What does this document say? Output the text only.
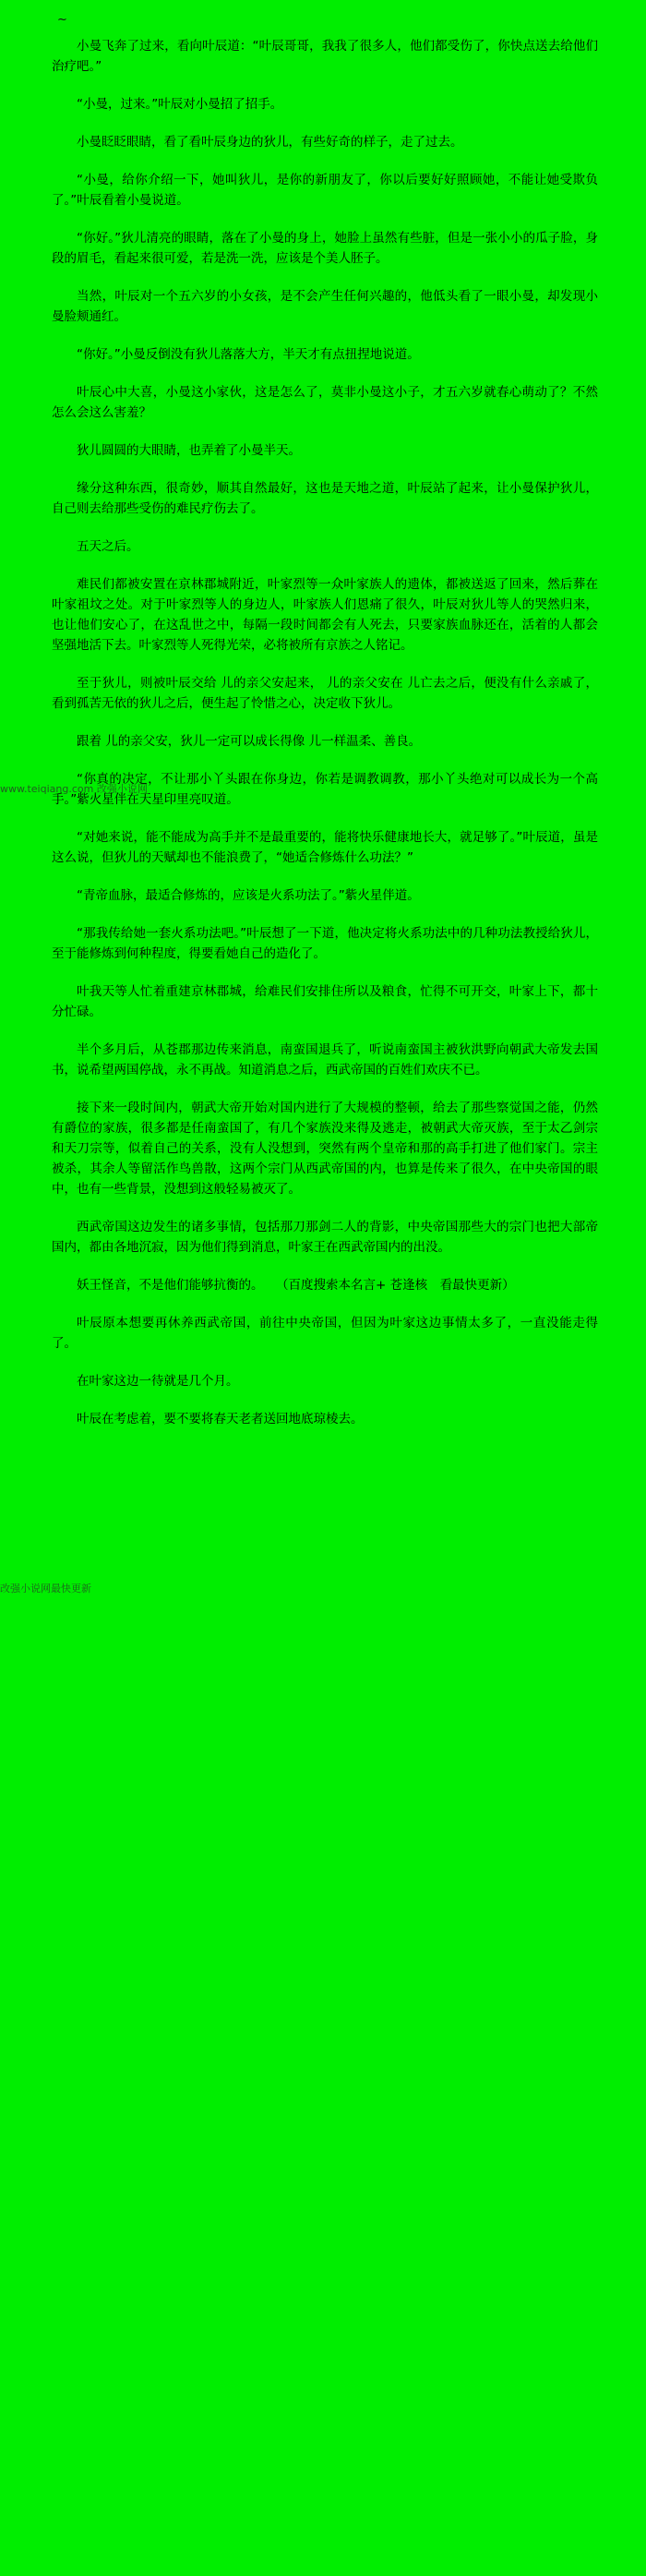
~
www.teiqiang.com 改强小说网
改强小说网最快更新

小曼飞奔了过来，看向叶辰道：“叶辰哥哥，我我了很多人，他们都受伤了，你快点送去给他们治疗吧。”

“小曼，过来。”叶辰对小曼招了招手。

小曼眨眨眼睛，看了看叶辰身边的狄儿，有些好奇的样子，走了过去。

“小曼，给你介绍一下，她叫狄儿，是你的新朋友了，你以后要好好照顾她，不能让她受欺负了。”叶辰看着小曼说道。

“你好。”狄儿清亮的眼睛，落在了小曼的身上，她脸上虽然有些脏，但是一张小小的瓜子脸，身段的眉毛，看起来很可爱，若是洗一洗，应该是个美人胚子。

当然，叶辰对一个五六岁的小女孩，是不会产生任何兴趣的，他低头看了一眼小曼，却发现小曼脸颊通红。

“你好。”小曼反倒没有狄儿落落大方，半天才有点扭捏地说道。

叶辰心中大喜，小曼这小家伙，这是怎么了，莫非小曼这小子，才五六岁就春心萌动了？不然怎么会这么害羞？

狄儿圆圆的大眼睛，也弄着了小曼半天。

缘分这种东西，很奇妙，顺其自然最好，这也是天地之道，叶辰站了起来，让小曼保护狄儿，自己则去给那些受伤的难民疗伤去了。

五天之后。

难民们都被安置在京林郡城附近，叶家烈等一众叶家族人的遗体，都被送返了回来，然后葬在叶家祖坟之处。对于叶家烈等人的身边人，叶家族人们恩痛了很久，叶辰对狄儿等人的哭然归来，也让他们安心了，在这乱世之中，每隔一段时间都会有人死去，只要家族血脉还在，活着的人都会坚强地活下去。叶家烈等人死得光荣，必将被所有京族之人铭记。

至于狄儿，则被叶辰交给 儿的亲父安起来， 儿的亲父安在 儿亡去之后，便没有什么亲戚了，看到孤苦无依的狄儿之后，便生起了怜惜之心，决定收下狄儿。

跟着 儿的亲父安，狄儿一定可以成长得像 儿一样温柔、善良。

“你真的决定，不让那小丫头跟在你身边，你若是调教调教，那小丫头绝对可以成长为一个高手。”紫火星伴在天星印里亮叹道。

“对她来说，能不能成为高手并不是最重要的，能将快乐健康地长大，就足够了。”叶辰道，虽是这么说，但狄儿的天赋却也不能浪费了，“她适合修炼什么功法？”

“青帝血脉，最适合修炼的，应该是火系功法了。”紫火星伴道。

“那我传给她一套火系功法吧。”叶辰想了一下道，他决定将火系功法中的几种功法教授给狄儿，至于能修炼到何种程度，得要看她自己的造化了。

叶我天等人忙着重建京林郡城，给难民们安排住所以及粮食，忙得不可开交，叶家上下，都十分忙碌。

半个多月后，从苍郡那边传来消息，南蛮国退兵了，听说南蛮国主被狄洪野向朝武大帝发去国书，说希望两国停战，永不再战。知道消息之后，西武帝国的百姓们欢庆不已。

接下来一段时间内，朝武大帝开始对国内进行了大规模的整顿，给去了那些察觉国之能，仍然有爵位的家族，很多都是任南蛮国了，有几个家族没来得及逃走，被朝武大帝灭族，至于太乙剑宗和天刀宗等，似着自己的关系，没有人没想到，突然有两个皇帝和那的高手打进了他们家门。宗主被杀，其余人等留活作鸟兽散，这两个宗门从西武帝国的内，也算是传来了很久，在中央帝国的眼中，也有一些背景，没想到这般轻易被灭了。

西武帝国这边发生的诸多事情，包括那刀那剑二人的背影，中央帝国那些大的宗门也把大部帝国内，都由各地沉寂，因为他们得到消息，叶家王在西武帝国内的出没。

妖王怪音，不是他们能够抗衡的。　　（百度搜索本名言+ 苍逢核　看最快更新）

叶辰原本想要再休养西武帝国，前往中央帝国，但因为叶家这边事情太多了，一直没能走得了。

在叶家这边一待就是几个月。

叶辰在考虑着，要不要将春天老者送回地底琼棱去。
